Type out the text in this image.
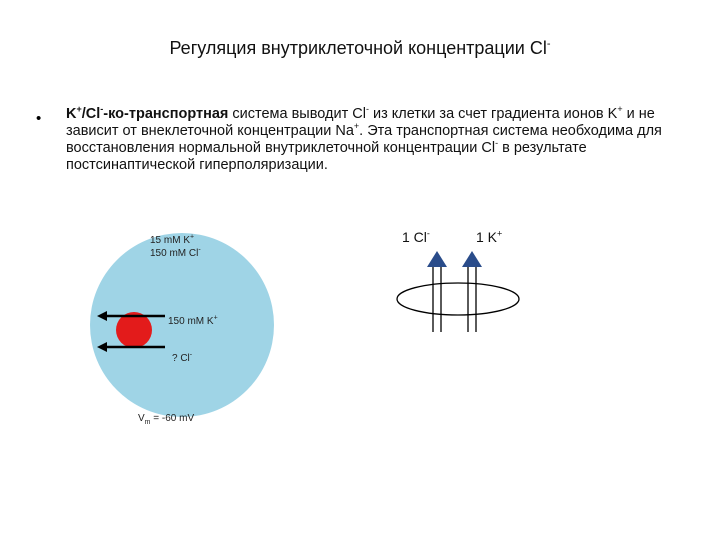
Регуляция внутриклеточной концентрации Cl-
• K+/Cl--ко-транспортная система выводит Cl- из клетки за счет градиента ионов K+ и не зависит от внеклеточной концентрации Na+. Эта транспортная система необходима для восстановления нормальной внутриклеточной концентрации Cl- в результате постсинаптической гиперполяризации.
15 mM K+
150 mM Cl-
150 mM K+
? Cl-
$V_m = -60$ mV
1 Cl-	1 K+
